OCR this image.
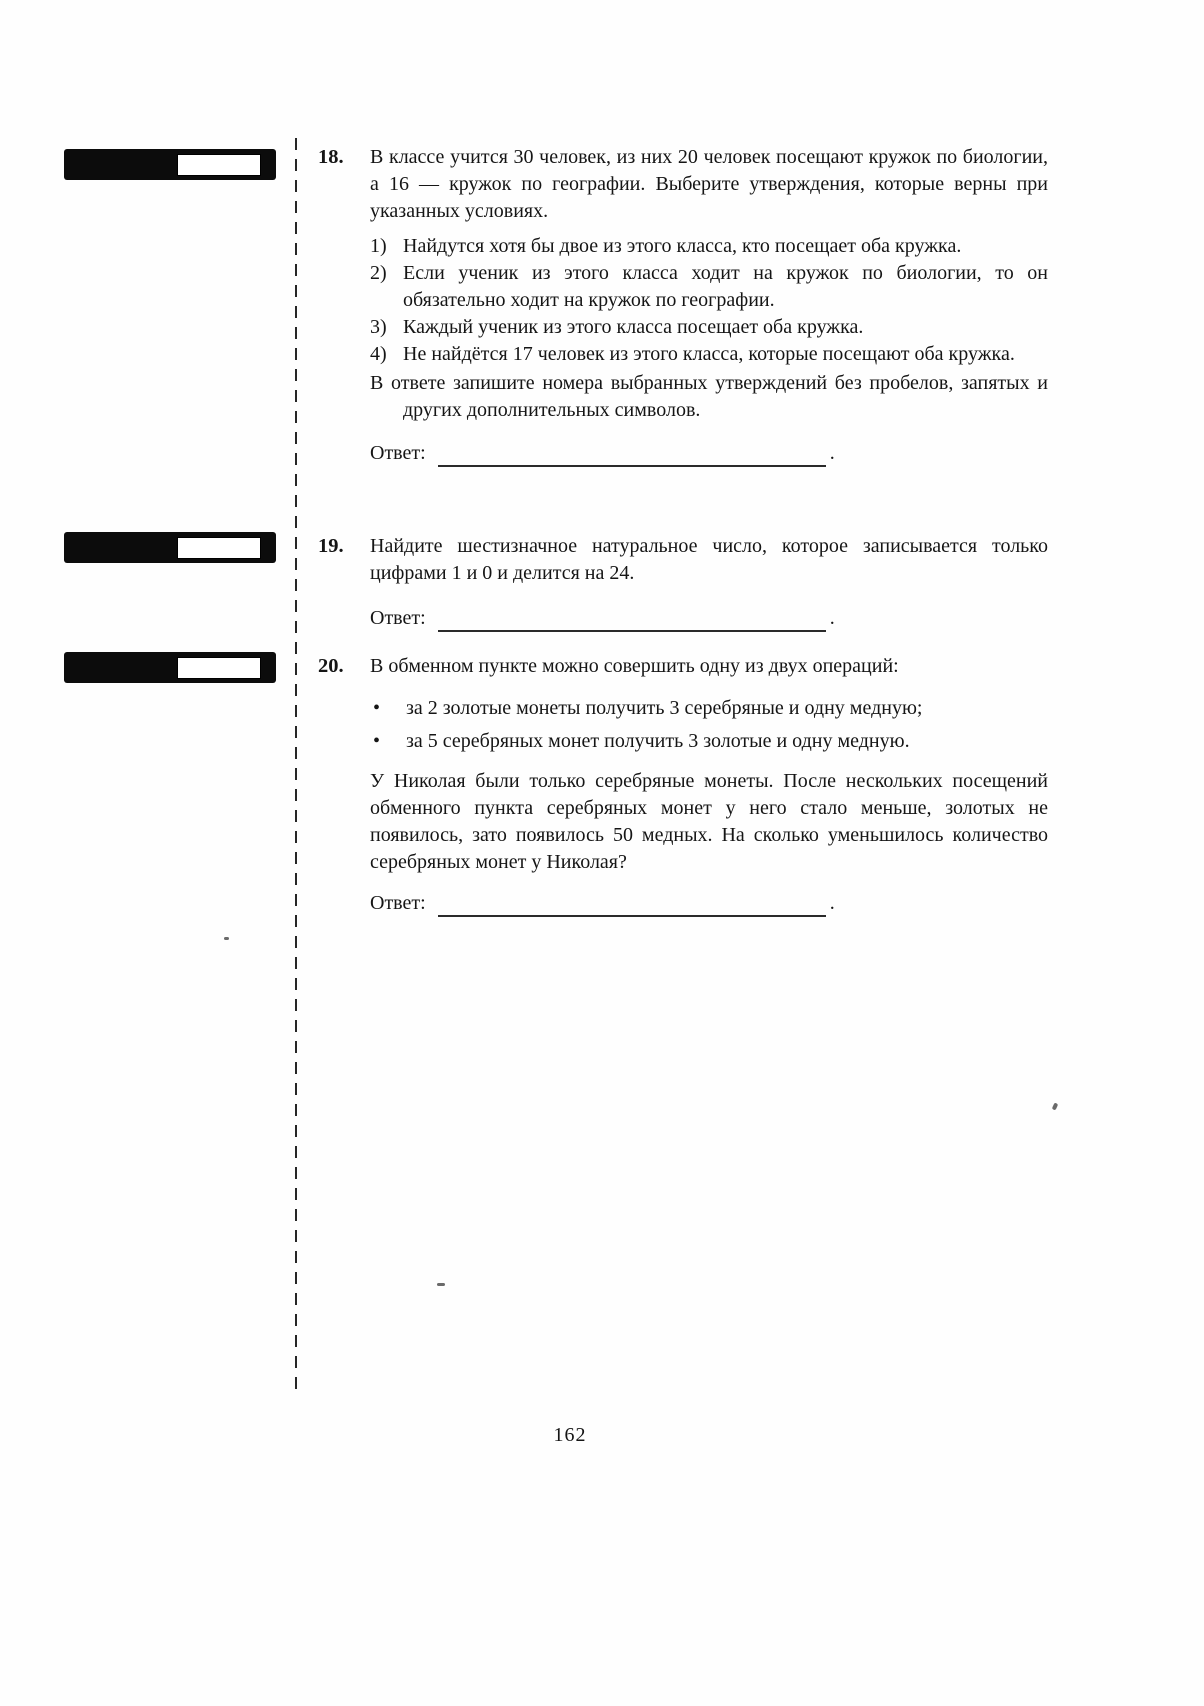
18.	В классе учится 30 человек, из них 20 человек посещают кружок по биологии, а 16 — кружок по географии. Выберите утверждения, которые верны при указанных условиях.
1) Найдутся хотя бы двое из этого класса, кто посещает оба кружка.
2) Если ученик из этого класса ходит на кружок по биологии, то он обязательно ходит на кружок по географии.
3) Каждый ученик из этого класса посещает оба кружка.
4) Не найдётся 17 человек из этого класса, которые посещают оба кружка.
В ответе запишите номера выбранных утверждений без пробелов, запятых и других дополнительных символов.
Ответ:	.
19.	Найдите шестизначное натуральное число, которое записывается только цифрами 1 и 0 и делится на 24.
Ответ:	.
20.	В обменном пункте можно совершить одну из двух операций:
•	за 2 золотые монеты получить 3 серебряные и одну медную;
•	за 5 серебряных монет получить 3 золотые и одну медную.
У Николая были только серебряные монеты. После нескольких посещений обменного пункта серебряных монет у него стало меньше, золотых не появилось, зато появилось 50 медных. На сколько уменьшилось количество серебряных монет у Николая?
Ответ:	.
162
